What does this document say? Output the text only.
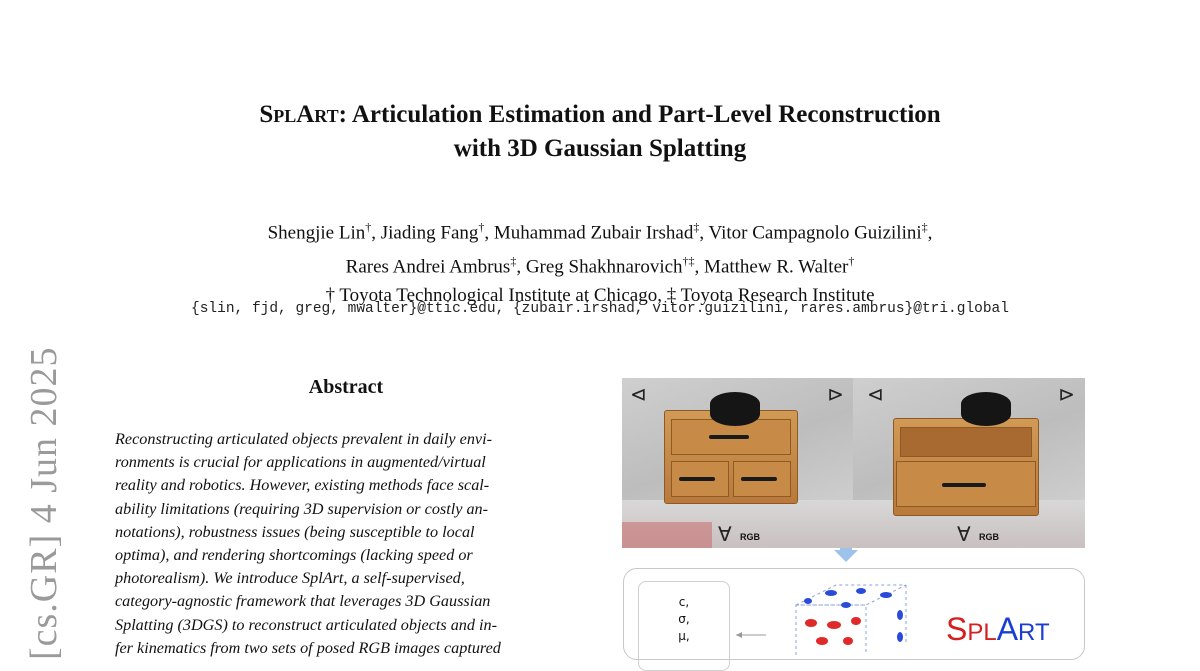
SplArt: Articulation Estimation and Part-Level Reconstruction
with 3D Gaussian Splatting
Shengjie Lin†, Jiading Fang†, Muhammad Zubair Irshad‡, Vitor Campagnolo Guizilini‡,
Rares Andrei Ambrus‡, Greg Shakhnarovich†‡, Matthew R. Walter†
† Toyota Technological Institute at Chicago, ‡ Toyota Research Institute
{slin, fjd, greg, mwalter}@ttic.edu, {zubair.irshad, vitor.guizilini, rares.ambrus}@tri.global
[cs.GR] 4 Jun 2025	Abstract
Reconstructing articulated objects prevalent in daily envi-
ronments is crucial for applications in augmented/virtual
reality and robotics. However, existing methods face scal-
ability limitations (requiring 3D supervision or costly an-
notations), robustness issues (being susceptible to local
optima), and rendering shortcomings (lacking speed or
photorealism). We introduce SplArt, a self-supervised,
category-agnostic framework that leverages 3D Gaussian
Splatting (3DGS) to reconstruct articulated objects and in-
fer kinematics from two sets of posed RGB images captured
⊲	⊳
∀ RGB
⊲	⊳
∀ RGB
c,
σ,
μ,	SPLART
